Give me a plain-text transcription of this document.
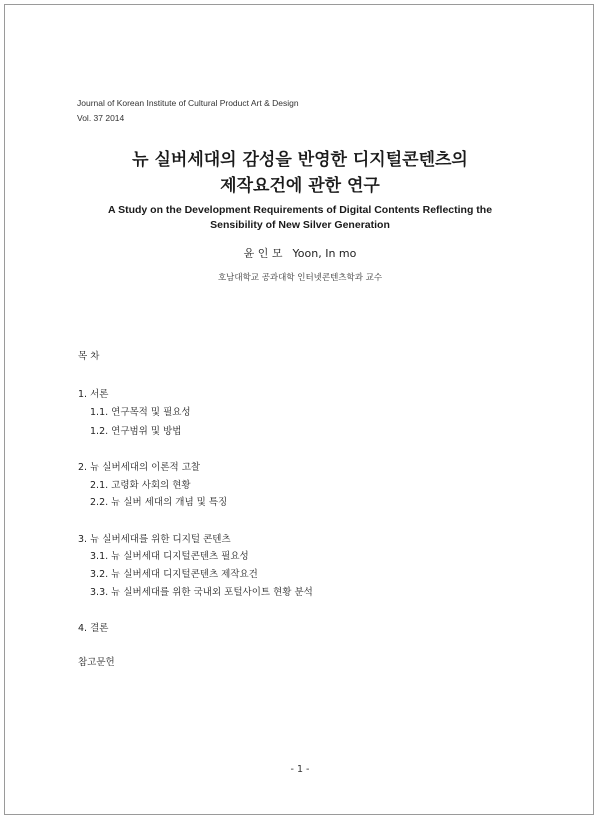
Journal of Korean Institute of Cultural Product Art & Design
Vol. 37 2014
뉴 실버세대의 감성을 반영한 디지털콘텐츠의
제작요건에 관한 연구
A Study on the Development Requirements of Digital Contents Reflecting the
Sensibility of New Silver Generation
윤 인 모 Yoon, In mo
호남대학교 공과대학 인터넷콘텐츠학과 교수
목 차
1. 서론
1.1. 연구목적 및 필요성
1.2. 연구범위 및 방법
2. 뉴 실버세대의 이론적 고찰
2.1. 고령화 사회의 현황
2.2. 뉴 실버 세대의 개념 및 특징
3. 뉴 실버세대를 위한 디지털 콘텐츠
3.1. 뉴 실버세대 디지털콘텐츠 필요성
3.2. 뉴 실버세대 디지털콘텐츠 제작요건
3.3. 뉴 실버세대를 위한 국내외 포털사이트 현황 분석
4. 결론
참고문헌
- 1 -
